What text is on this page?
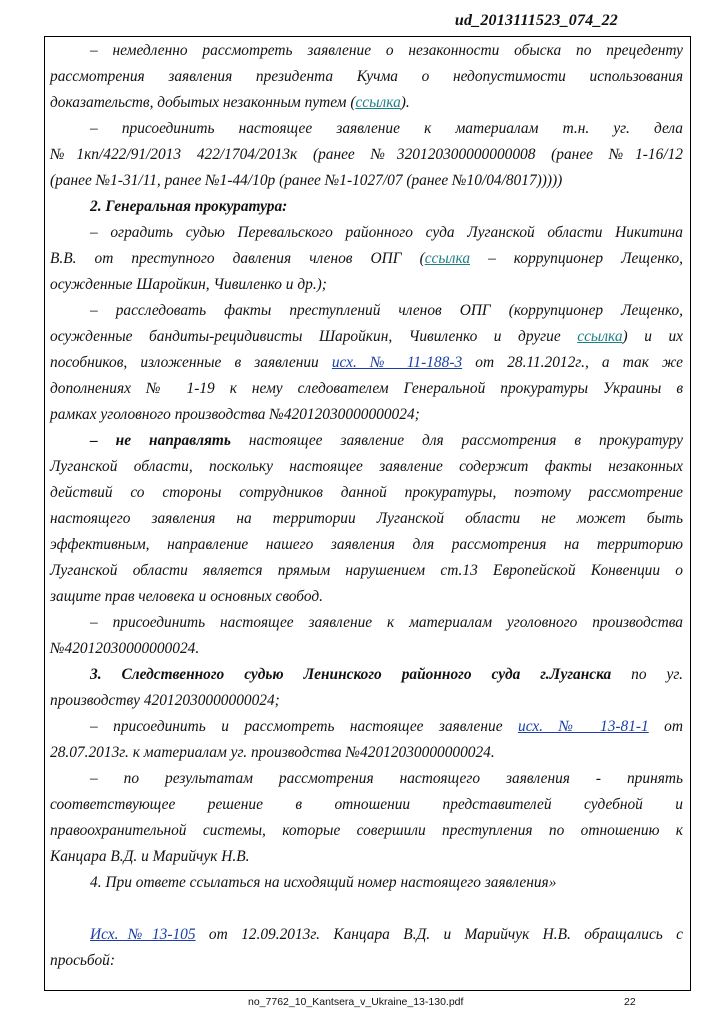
ud_2013111523_074_22
– немедленно рассмотреть заявление о незаконности обыска по прецеденту
рассмотрения заявления президента Кучма о недопустимости использования
доказательств, добытых незаконным путем (ссылка).
– присоединить настоящее заявление к материалам т.н. уг. дела
№1кп/422/91/2013 422/1704/2013к (ранее №320120300000000008 (ранее №1-16/12
(ранее №1-31/11, ранее №1-44/10р (ранее №1-1027/07 (ранее №10/04/8017)))))
2. Генеральная прокуратура:
– оградить судью Перевальского районного суда Луганской области Никитина
В.В. от преступного давления членов ОПГ (ссылка – коррупционер Лещенко,
осужденные Шаройкин, Чивиленко и др.);
– расследовать факты преступлений членов ОПГ (коррупционер Лещенко,
осужденные бандиты-рецидивисты Шаройкин, Чивиленко и другие ссылка) и их
пособников, изложенные в заявлении исх. № 11-188-3 от 28.11.2012г., а так же
дополнениях № 1-19 к нему следователем Генеральной прокуратуры Украины в
рамках уголовного производства №42012030000000024;
– не направлять настоящее заявление для рассмотрения в прокуратуру
Луганской области, поскольку настоящее заявление содержит факты незаконных
действий со стороны сотрудников данной прокуратуры, поэтому рассмотрение
настоящего заявления на территории Луганской области не может быть
эффективным, направление нашего заявления для рассмотрения на территорию
Луганской области является прямым нарушением ст.13 Европейской Конвенции о
защите прав человека и основных свобод.
– присоединить настоящее заявление к материалам уголовного производства
№42012030000000024.
3. Следственного судью Ленинского районного суда г.Луганска по уг.
производству 42012030000000024;
– присоединить и рассмотреть настоящее заявление исх. № 13-81-1 от
28.07.2013г. к материалам уг. производства №42012030000000024.
– по результатам рассмотрения настоящего заявления - принять
соответствующее решение в отношении представителей судебной и
правоохранительной системы, которые совершили преступления по отношению к
Канцара В.Д. и Марийчук Н.В.
4. При ответе ссылаться на исходящий номер настоящего заявления»
Исх.№13-105 от 12.09.2013г. Канцара В.Д. и Марийчук Н.В. обращались с
просьбой:
no_7762_10_Kantsera_v_Ukraine_13-130.pdf	22
